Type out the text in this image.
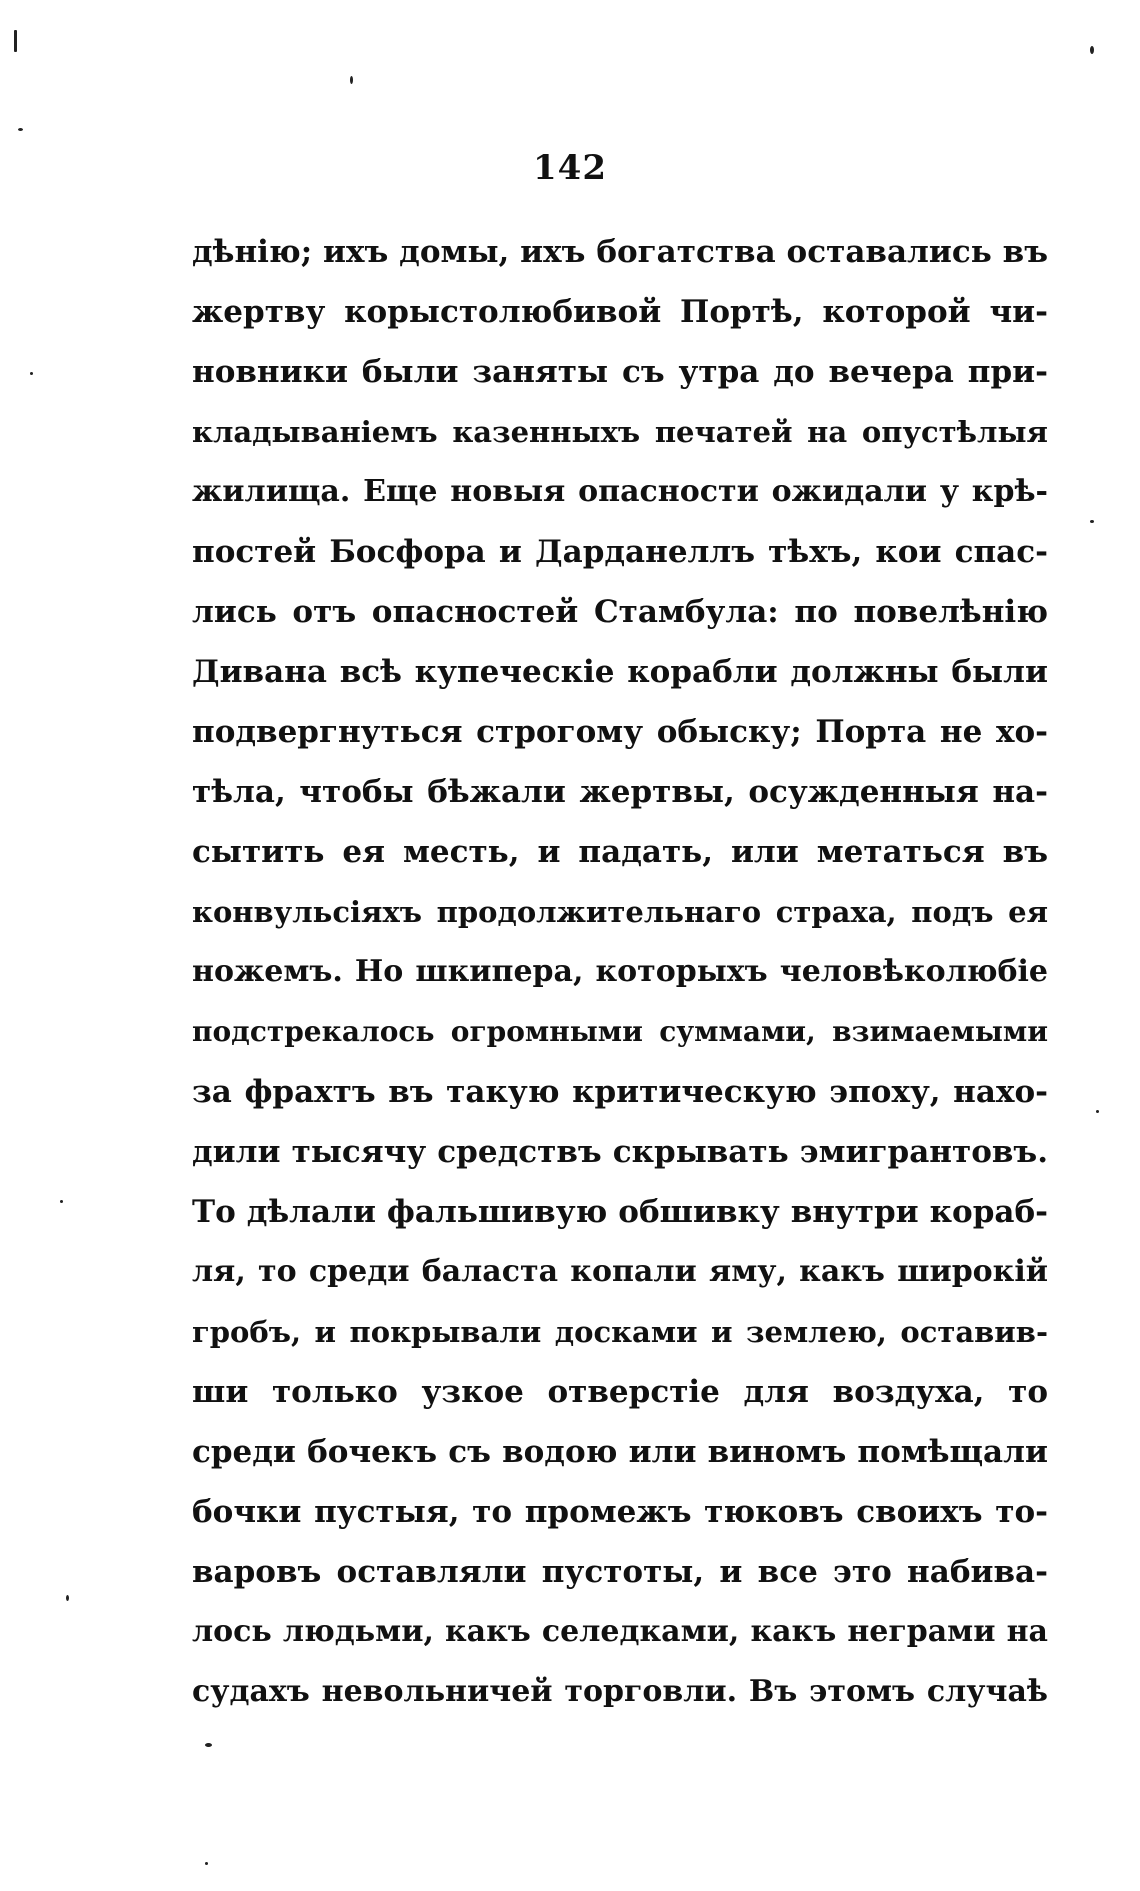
142
дѣнію; ихъ домы, ихъ богатства оставались въ
жертву корыстолюбивой Портѣ, которой чи-
новники были заняты съ утра до вечера при-
кладываніемъ казенныхъ печатей на опустѣлыя
жилища. Еще новыя опасности ожидали у крѣ-
постей Босфора и Дарданеллъ тѣхъ, кои спас-
лись отъ опасностей Стамбула: по повелѣнію
Дивана всѣ купеческіе корабли должны были
подвергнуться строгому обыску; Порта не хо-
тѣла, чтобы бѣжали жертвы, осужденныя на-
сытить ея месть, и падать, или метаться въ
конвульсіяхъ продолжительнаго страха, подъ ея
ножемъ. Но шкипера, которыхъ человѣколюбіе
подстрекалось огромными суммами, взимаемыми
за фрахтъ въ такую критическую эпоху, нахо-
дили тысячу средствъ скрывать эмигрантовъ.
То дѣлали фальшивую обшивку внутри кораб-
ля, то среди баласта копали яму, какъ широкій
гробъ, и покрывали досками и землею, оставив-
ши только узкое отверстіе для воздуха, то
среди бочекъ съ водою или виномъ помѣщали
бочки пустыя, то промежъ тюковъ своихъ то-
варовъ оставляли пустоты, и все это набива-
лось людьми, какъ селедками, какъ неграми на
судахъ невольничей торговли. Въ этомъ случаѣ
